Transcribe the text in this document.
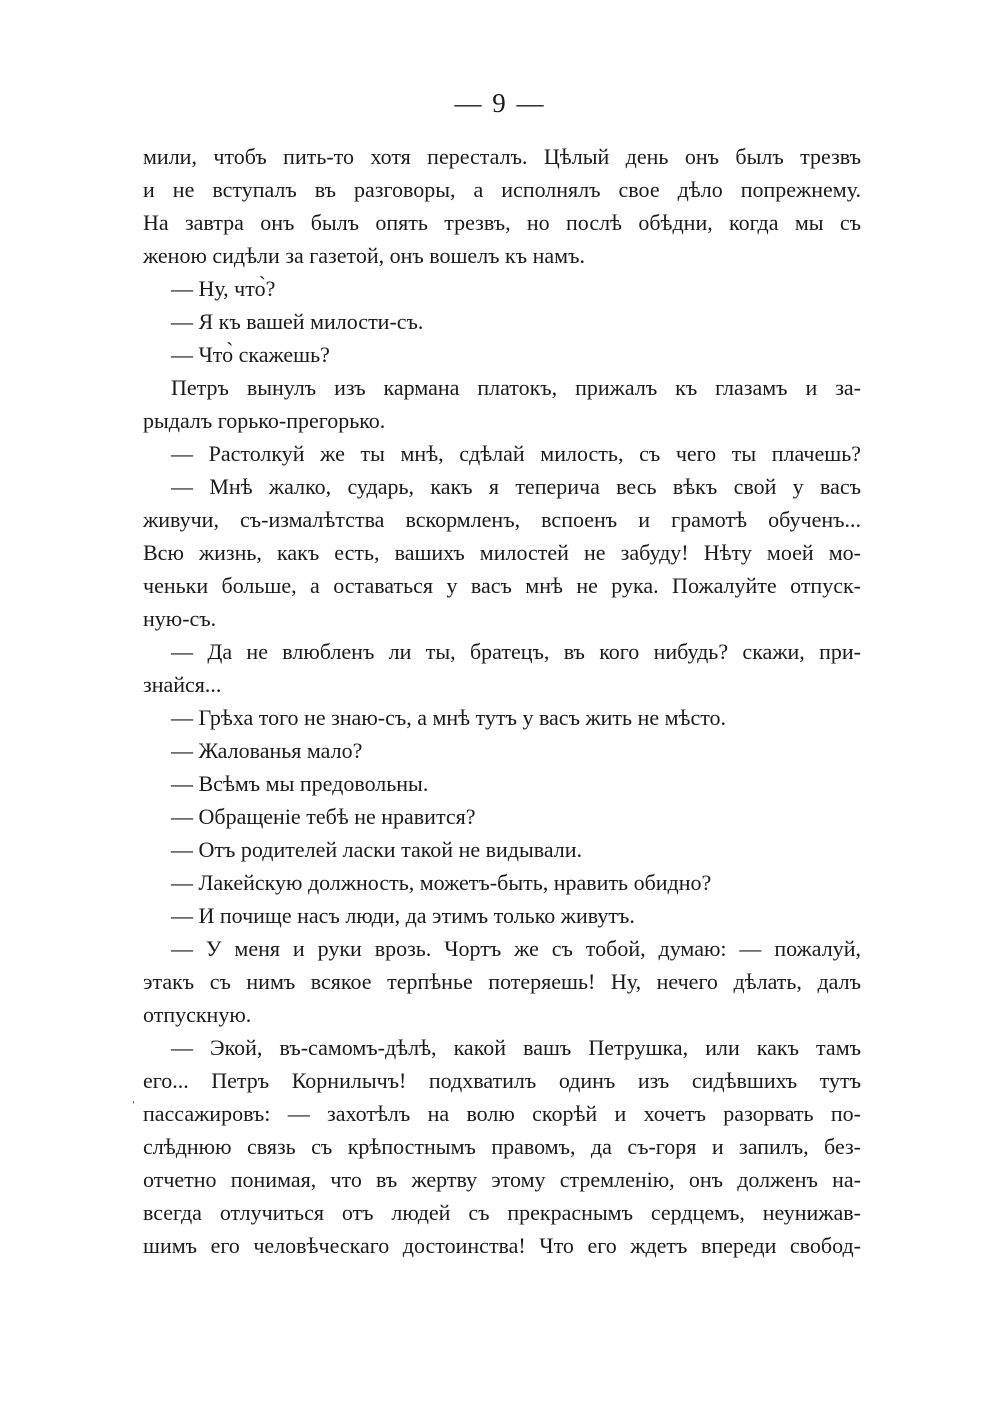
— 9 —
ˈ
мили, чтобъ пить-то хотя пересталъ. Цѣлый день онъ былъ трезвъ
и не вступалъ въ разговоры, а исполнялъ свое дѣло попрежнему.
На завтра онъ былъ опять трезвъ, но послѣ обѣдни, когда мы съ
женою сидѣли за газетой, онъ вошелъ къ намъ.
— Ну, что̀?
— Я къ вашей милости-съ.
— Что̀ скажешь?
Петръ вынулъ изъ кармана платокъ, прижалъ къ глазамъ и за-
рыдалъ горько-прегорько.
— Растолкуй же ты мнѣ, сдѣлай милость, съ чего ты плачешь?
— Мнѣ жалко, сударь, какъ я теперича весь вѣкъ свой у васъ
живучи, съ-измалѣтства вскормленъ, вспоенъ и грамотѣ обученъ...
Всю жизнь, какъ есть, вашихъ милостей не забуду! Нѣту моей мо-
ченьки больше, а оставаться у васъ мнѣ не рука. Пожалуйте отпуск-
ную-съ.
— Да не влюбленъ ли ты, братецъ, въ кого нибудь? скажи, при-
знайся...
— Грѣха того не знаю-съ, а мнѣ тутъ у васъ жить не мѣсто.
— Жалованья мало?
— Всѣмъ мы предовольны.
— Обращеніе тебѣ не нравится?
— Отъ родителей ласки такой не видывали.
— Лакейскую должность, можетъ-быть, нравить обидно?
— И почище насъ люди, да этимъ только живутъ.
— У меня и руки врозь. Чортъ же съ тобой, думаю: — пожалуй,
этакъ съ нимъ всякое терпѣнье потеряешь! Ну, нечего дѣлать, далъ
отпускную.
— Экой, въ-самомъ-дѣлѣ, какой вашъ Петрушка, или какъ тамъ
его... Петръ Корнилычъ! подхватилъ одинъ изъ сидѣвшихъ тутъ
пассажировъ: — захотѣлъ на волю скорѣй и хочетъ разорвать по-
слѣднюю связь съ крѣпостнымъ правомъ, да съ-горя и запилъ, без-
отчетно понимая, что въ жертву этому стремленію, онъ долженъ на-
всегда отлучиться отъ людей съ прекраснымъ сердцемъ, неунижав-
шимъ его человѣческаго достоинства! Что его ждетъ впереди свобод-
